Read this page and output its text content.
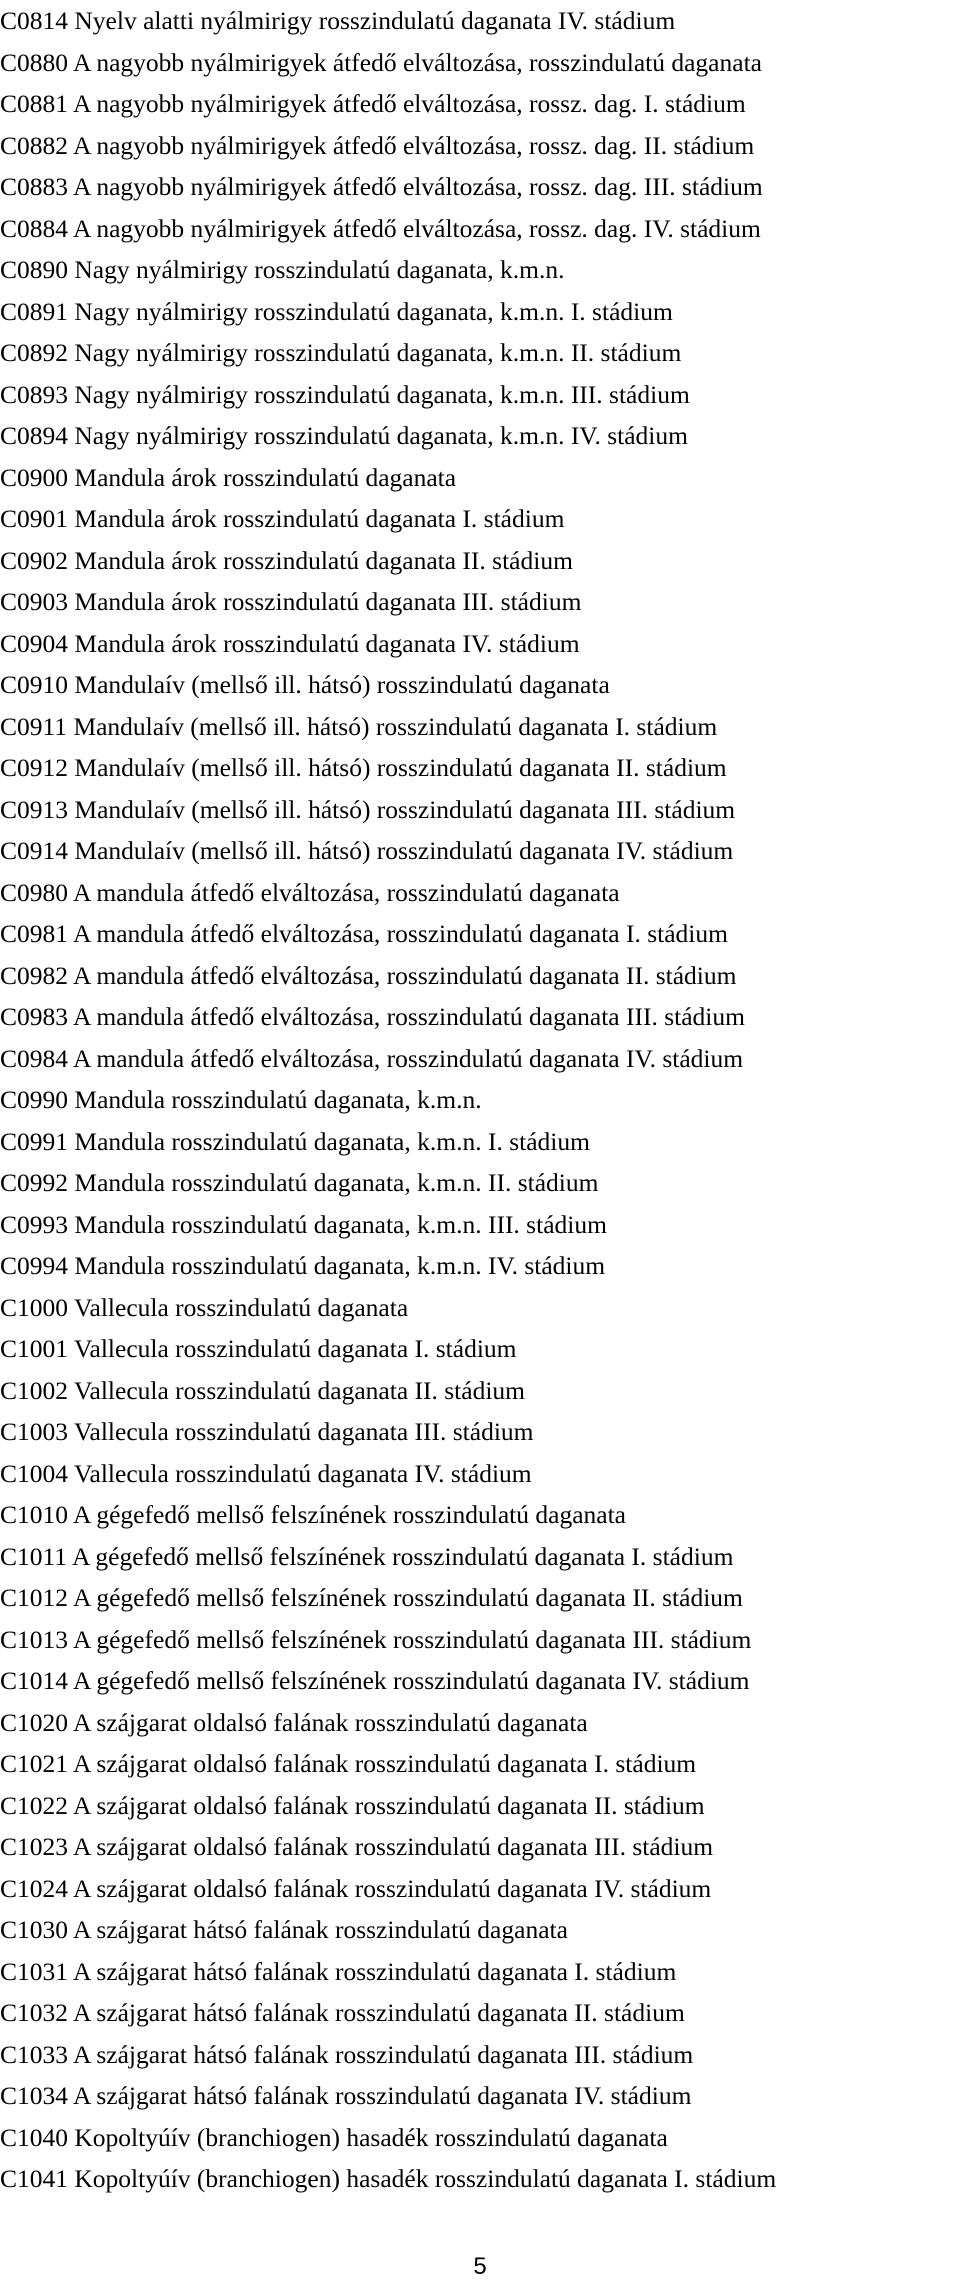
C0814 Nyelv alatti nyálmirigy rosszindulatú daganata IV. stádium
C0880 A nagyobb nyálmirigyek átfedő elváltozása, rosszindulatú daganata
C0881 A nagyobb nyálmirigyek átfedő elváltozása, rossz. dag. I. stádium
C0882 A nagyobb nyálmirigyek átfedő elváltozása, rossz. dag. II. stádium
C0883 A nagyobb nyálmirigyek átfedő elváltozása, rossz. dag. III. stádium
C0884 A nagyobb nyálmirigyek átfedő elváltozása, rossz. dag. IV. stádium
C0890 Nagy nyálmirigy rosszindulatú daganata, k.m.n.
C0891 Nagy nyálmirigy rosszindulatú daganata, k.m.n. I. stádium
C0892 Nagy nyálmirigy rosszindulatú daganata, k.m.n. II. stádium
C0893 Nagy nyálmirigy rosszindulatú daganata, k.m.n. III. stádium
C0894 Nagy nyálmirigy rosszindulatú daganata, k.m.n. IV. stádium
C0900 Mandula árok rosszindulatú daganata
C0901 Mandula árok rosszindulatú daganata I. stádium
C0902 Mandula árok rosszindulatú daganata II. stádium
C0903 Mandula árok rosszindulatú daganata III. stádium
C0904 Mandula árok rosszindulatú daganata IV. stádium
C0910 Mandulaív (mellső ill. hátsó) rosszindulatú daganata
C0911 Mandulaív (mellső ill. hátsó) rosszindulatú daganata I. stádium
C0912 Mandulaív (mellső ill. hátsó) rosszindulatú daganata II. stádium
C0913 Mandulaív (mellső ill. hátsó) rosszindulatú daganata III. stádium
C0914 Mandulaív (mellső ill. hátsó) rosszindulatú daganata IV. stádium
C0980 A mandula átfedő elváltozása, rosszindulatú daganata
C0981 A mandula átfedő elváltozása, rosszindulatú daganata I. stádium
C0982 A mandula átfedő elváltozása, rosszindulatú daganata II. stádium
C0983 A mandula átfedő elváltozása, rosszindulatú daganata III. stádium
C0984 A mandula átfedő elváltozása, rosszindulatú daganata IV. stádium
C0990 Mandula rosszindulatú daganata, k.m.n.
C0991 Mandula rosszindulatú daganata, k.m.n. I. stádium
C0992 Mandula rosszindulatú daganata, k.m.n. II. stádium
C0993 Mandula rosszindulatú daganata, k.m.n. III. stádium
C0994 Mandula rosszindulatú daganata, k.m.n. IV. stádium
C1000 Vallecula rosszindulatú daganata
C1001 Vallecula rosszindulatú daganata I. stádium
C1002 Vallecula rosszindulatú daganata II. stádium
C1003 Vallecula rosszindulatú daganata III. stádium
C1004 Vallecula rosszindulatú daganata IV. stádium
C1010 A gégefedő mellső felszínének rosszindulatú daganata
C1011 A gégefedő mellső felszínének rosszindulatú daganata I. stádium
C1012 A gégefedő mellső felszínének rosszindulatú daganata II. stádium
C1013 A gégefedő mellső felszínének rosszindulatú daganata III. stádium
C1014 A gégefedő mellső felszínének rosszindulatú daganata IV. stádium
C1020 A szájgarat oldalsó falának rosszindulatú daganata
C1021 A szájgarat oldalsó falának rosszindulatú daganata I. stádium
C1022 A szájgarat oldalsó falának rosszindulatú daganata II. stádium
C1023 A szájgarat oldalsó falának rosszindulatú daganata III. stádium
C1024 A szájgarat oldalsó falának rosszindulatú daganata IV. stádium
C1030 A szájgarat hátsó falának rosszindulatú daganata
C1031 A szájgarat hátsó falának rosszindulatú daganata I. stádium
C1032 A szájgarat hátsó falának rosszindulatú daganata II. stádium
C1033 A szájgarat hátsó falának rosszindulatú daganata III. stádium
C1034 A szájgarat hátsó falának rosszindulatú daganata IV. stádium
C1040 Kopoltyúív (branchiogen) hasadék rosszindulatú daganata
C1041 Kopoltyúív (branchiogen) hasadék rosszindulatú daganata I. stádium
5
